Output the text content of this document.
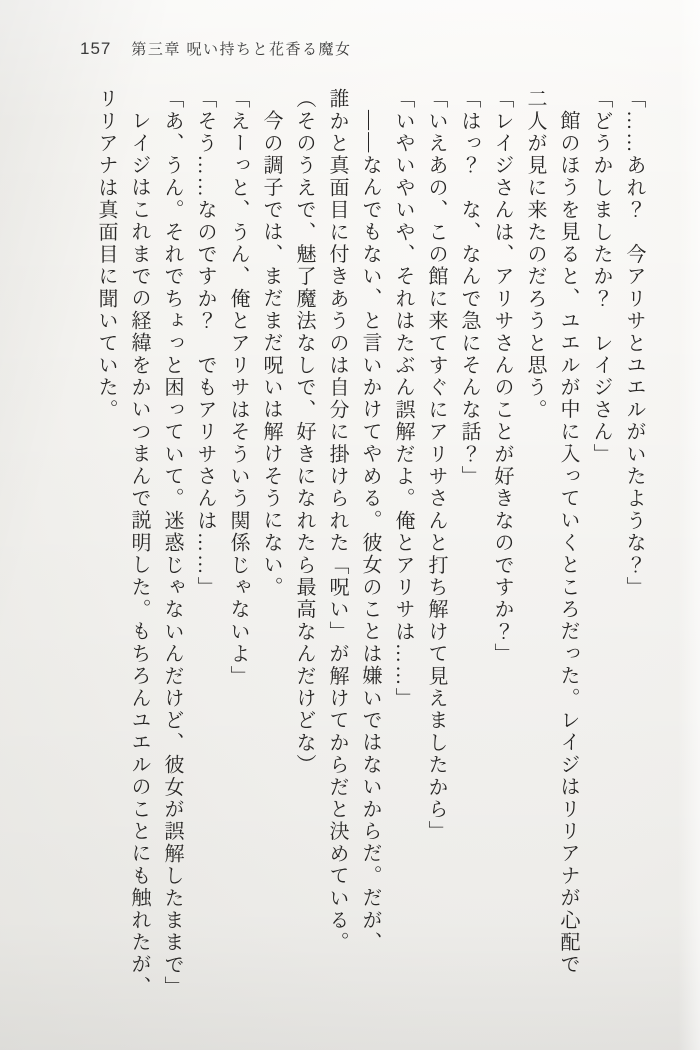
157 第三章 呪い持ちと花香る魔女

「……あれ？　今アリサとユエルがいたような？」

「どうかしましたか？　レイジさん」

館のほうを見ると、ユエルが中に入っていくところだった。レイジはリリアナが心配で

二人が見に来たのだろうと思う。

「レイジさんは、アリサさんのことが好きなのですか？」

「はっ？　な、なんで急にそんな話？」

「いえあの、この館に来てすぐにアリサさんと打ち解けて見えましたから」

「いやいやいや、それはたぶん誤解だよ。俺とアリサは……」

――なんでもない、と言いかけてやめる。彼女のことは嫌いではないからだ。だが、

誰かと真面目に付きあうのは自分に掛けられた「呪い」が解けてからだと決めている。

（そのうえで、魅了魔法なしで、好きになれたら最高なんだけどな）

今の調子では、まだまだ呪いは解けそうにない。

「えーっと、うん、俺とアリサはそういう関係じゃないよ」

「そう……なのですか？　でもアリサさんは……」

「あ、うん。それでちょっと困っていて。迷惑じゃないんだけど、彼女が誤解したままで」

レイジはこれまでの経緯をかいつまんで説明した。もちろんユエルのことにも触れたが、

リリアナは真面目に聞いていた。
